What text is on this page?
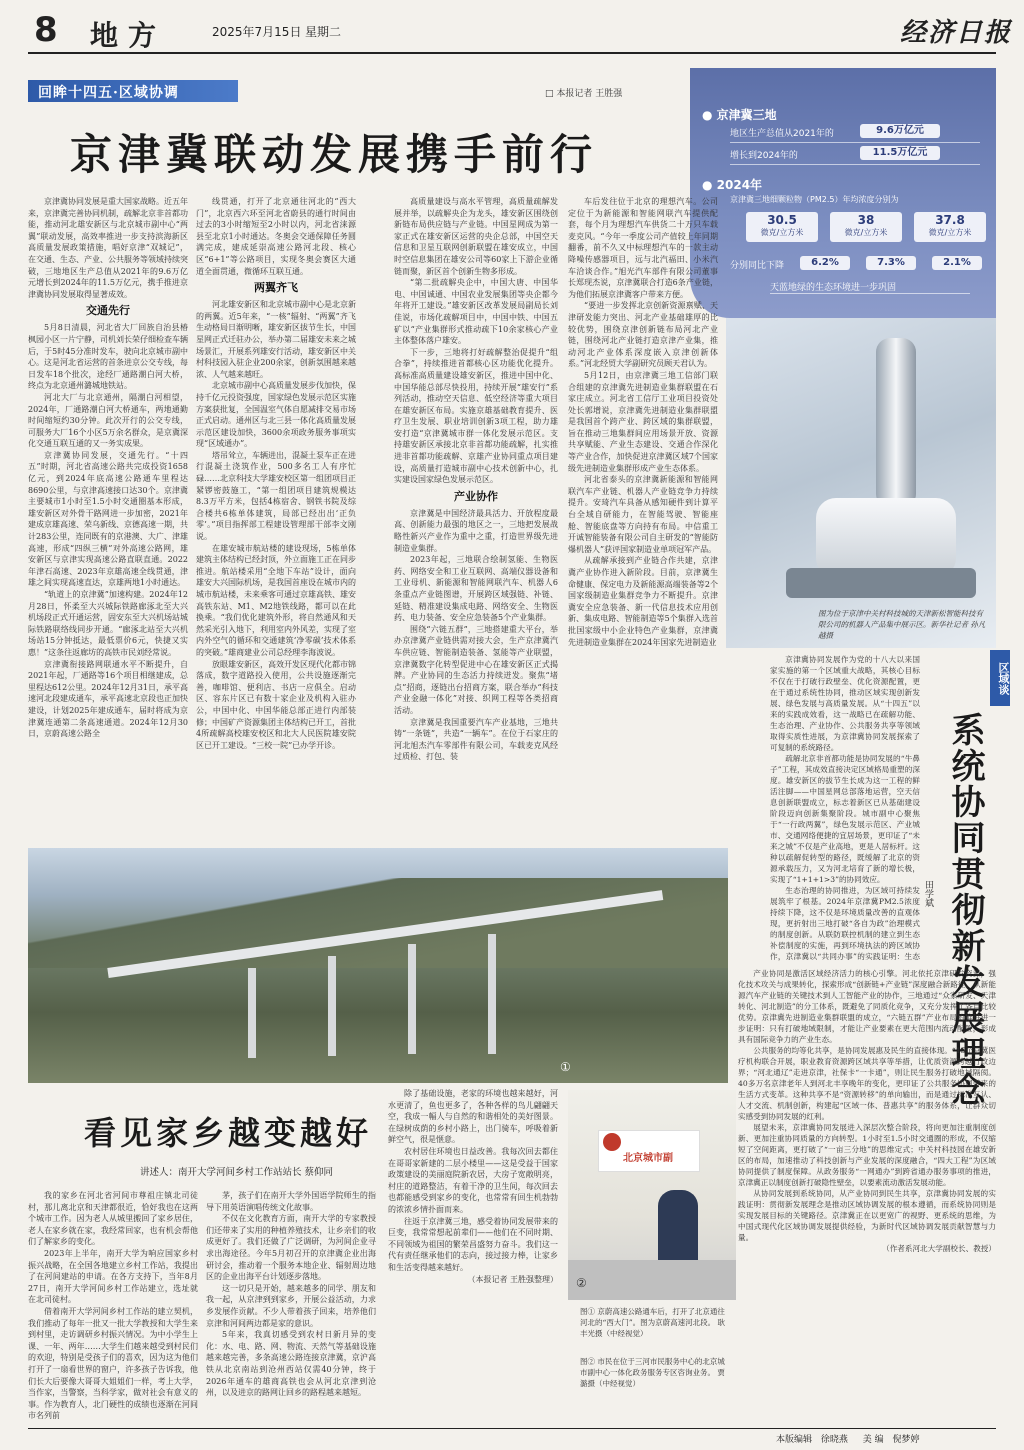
8 地方	2025年7月15日 星期二	经济日报
回眸十四五·区域协调	□ 本报记者 王胜强
京津冀联动发展携手前行
● 京津冀三地
地区生产总值从2021年的	9.6万亿元
增长到2024年的	11.5万亿元
● 2024年
京津冀三地细颗粒物（PM2.5）年均浓度分别为
30.5
微克/立方米
38
微克/立方米
37.8
微克/立方米
分别同比下降	6.2%	7.3%	2.1%
天蓝地绿的生态环境进一步巩固

京津冀协同发展是重大国家战略。近五年来，京津冀完善协同机制，疏解北京非首都功能，推动河北雄安新区与北京城市副中心“两翼”联动发展，高效率推进一步支持滨海新区高质量发展政策措施，唱好京津“双城记”，在交通、生态、产业、公共服务等领域持续突破，三地地区生产总值从2021年的9.6万亿元增长到2024年的11.5万亿元，携手推进京津冀协同发展取得显著成效。

交通先行

5月8日清晨，河北省大厂回族自治县椿枫园小区一片宁静，司机刘长荣仔细检查车辆后，于5时45分准时发车，驶向北京城市副中心。这是河北省运营的首条进京公交专线，每日发车18个批次，途经厂通路潮白河大桥，终点为北京通州潞城地铁站。

河北大厂与北京通州，隔潮白河相望，2024年，厂通路潮白河大桥通车，两地通勤时间缩短约30分钟。此次开行的公交专线，可服务大厂16个小区5万余名群众，是京冀深化交通互联互通的又一务实成果。

京津冀协同发展，交通先行。“十四五”时期，河北省高速公路共完成投资1658亿元，到2024年底高速公路通车里程达8690公里，与京津高速接口达30个。京津冀主要城市1小时至1.5小时交通圈基本形成，雄安新区对外骨干路网进一步加密，2021年建成京雄高速、荣乌新线、京德高速一期，共计283公里，连同既有的京港澳、大广、津雄高速，形成“四纵三横”对外高速公路网，雄安新区与京津实现高速公路直联直通。2022年津石高速、2023年京雄高速全线贯通，津雄之间实现高速直达，京雄两地1小时通达。

“轨道上的京津冀”加速构建。2024年12月28日，怀柔至大兴城际铁路廊涿北至大兴机场段正式开通运营，固安东至大兴机场站城际铁路联络线同步开通。“廊涿北站至大兴机场站15分钟抵达，最低票价6元，快捷又实惠！”这条往返廊坊的高铁市民刘经常说。

京津冀衔接路网联通水平不断提升，自2021年起，厂通路等16个项目相继建成，总里程达612公里。2024年12月31日，承平高速河北段建成通车，承平高速北京段也正加快建设，计划2025年建成通车，届时将成为京津冀连通第二条高速通道。2024年12月30日，京蔚高速公路全

线贯通，打开了北京通往河北的“西大门”，北京西六环至河北省蔚县的通行时间由过去的3小时缩短至2小时以内，河北省涞源县至北京1小时通达。冬奥会交通保障任务圆满完成，建成延崇高速公路河北段、核心区“6+1”等公路项目，实现冬奥会赛区大通道全面贯通，微循环互联互通。

两翼齐飞

河北雄安新区和北京城市副中心是北京新的两翼。近5年来，“一核”辐射、“两翼”齐飞生动格局日渐明晰，雄安新区拔节生长，中国星网正式迁驻办公，举办第二届雄安未来之城场景汇，开展系列雄安行活动，雄安新区中关村科技园入驻企业200余家，创新氛围越来越浓、人气越来越旺。

北京城市副中心高质量发展步伐加快，保持千亿元投资强度，国家绿色发展示范区实施方案获批复，全国温室气体自愿减排交易市场正式启动。通州区与北三县一体化高质量发展示范区建设加快，3600余项政务服务事项实现“区域通办”。

塔吊耸立，车辆进出，混凝土泵车正在进行混凝土浇筑作业，500多名工人有序忙碌……北京科技大学雄安校区第一组团项目正紧锣密鼓施工，“第一组团项目建筑规模达8.3万平方米，包括4栋宿舍、钢铁书院及综合楼共6栋单体建筑，局部已经出出‘正负零’。”项目指挥部工程建设管理部干部李文刚说。

在雄安城市航站楼的建设现场，5栋单体建筑主体结构已经封顶，外立面施工正在同步推进。航站楼采用“全地下车站”设计，面向雄安大兴国际机场，是我国首座设在城市内的城市航站楼，未来乘客可通过京雄高铁、雄安高铁东站、M1、M2地铁线路，都可以在此换乘。“我们优化建筑外形，将自然通风和天然采光引入地下，利用室内外风差，实现了室内外空气的循环和交通建筑‘净零碳’技术体系的突破。”雄商建业公司总经理李海波说。

放眼雄安新区，高效开发区现代化都市锦落成，数字道路投入使用，公共设施逐渐完善，咖啡馆、便利店、书店一应俱全。启动区、容东片区已有数十家企业及机构入驻办公，中国中化、中国华能总部正进行内部装修；中国矿产资源集团主体结构已开工，首批4所疏解高校雄安校区和北大人民医院雄安院区已开工建设。“三校一院”已办学开诊。

高质量建设与高水平管理，高质量疏解发展并举，以疏解央企为龙头，雄安新区围绕创新链布局供应链与产业链。中国星网成为第一家正式在雄安新区运营的央企总部，中国空天信息和卫星互联网创新联盟在雄安成立，中国时空信息集团在雄安公司等60家上下游企业循链而聚，新区首个创新生物多形成。

“第二批疏解央企中，中国大唐、中国华电、中国诚通、中国农业发展集团等央企都今年将开工建设。”雄安新区改革发展局副局长刘佳说，市场化疏解项目中，中国中铁、中国五矿以“产业集群形式推动疏下10余家核心产业主体整体落户雄安。

下一步，三地将打好疏解整治促提升“组合拳”，持续推进首都核心区功能优化提升。高标准高质量建设雄安新区，推进中国中化、中国华能总部尽快投用，持续开展“雄安行”系列活动，推动空天信息、低空经济等重大项目在雄安新区布局。实施京雄基础教育提升、医疗卫生发展、职业培训创新3项工程，助力雄安打造“京津冀城市群一体化发展示范区。支持雄安新区承接北京非首都功能疏解，扎实推进非首都功能疏解、京雄产业协同重点项目建设，高质量打造城市副中心技术创新中心，扎实建设国家绿色发展示范区。

产业协作

京津冀是中国经济最具活力、开放程度最高、创新能力最强的地区之一，三地把发展战略性新兴产业作为重中之重，打造世界级先进制造业集群。

2023年起，三地联合绘制氢能、生物医药、网络安全和工业互联网、高端仪器设备和工业母机、新能源和智能网联汽车、机器人6条重点产业链图谱，开展跨区域强链、补链、延链、精准建设集成电路、网络安全、生物医药、电力装备、安全应急装备5个产业集群。

围绕“六链五群”，三地搭建重大平台，举办京津冀产业链供需对接大会，生产京津冀汽车供应链、智能制造装备、氢能等产业联盟，京津冀数字化转型促进中心在雄安新区正式揭牌。产业协同的生态活力持续迸发。聚焦“堵点”招商，逐链出台招商方案，联合举办“科技产业金融一体化”对接、织网工程等各类招商活动。

京津冀是我国重要汽车产业基地，三地共铸“一条链”，共造“一辆车”。在位于石家庄的河北旭杰汽车零部件有限公司，车载麦克风经过质检、打包、装

车后发往位于北京的理想汽车。公司定位于为新能源和智能网联汽车提供配套，每个月为理想汽车供货二十万只车载麦克风。“今年一季度公司产值较上年同期翻番，前不久又中标理想汽车的一款主动降噪传感器项目，远与北汽福田、小米汽车洽谈合作。”旭光汽车部件有限公司董事长郑现杰说，京津冀联合打造6条产业链，为他们拓展京津冀客户带来方便。

“要进一步发挥北京创新资源禀赋、天津研发能力突出、河北产业基础雄厚的比较优势，围绕京津创新链布局河北产业链，围绕河北产业链打造京津产业集，推动河北产业体系深度嵌入京津创新体系。”河北经贸大学副研究员顾天君认为。

5月12日，由京津冀三地工信部门联合组建的京津冀先进制造业集群联盟在石家庄成立。河北省工信厅工业项目投资处处长郭增说，京津冀先进制造业集群联盟是我国首个跨产业、跨区域的集群联盟，旨在推动三地集群间应用场景开放、资源共享赋能、产业生态建设、交通合作深化等产业合作，加快促进京津冀区域7个国家级先进制造业集群形成产业生态体系。

河北省泰头的京津冀新能源和智能网联汽车产业链、机器人产业链竞争力持续提升。安琦汽车具备从感知硬件到计算平台全域自研能力，在智能驾驶、智能座舱、智能底盘等方向持有布局。中信重工开诚智能装备有限公司自主研发的“智能防爆机器人”获评国家制造业单项冠军产品。

从疏解承接到产业链合作共建，京津冀产业协作进入新阶段。目前，京津冀生命健康、保定电力及新能源高端装备等2个国家级制造业集群竞争力不断提升。京津冀安全应急装备、新一代信息技术应用创新、集成电路、智能制造等5个集群入选首批国家级中小企业特色产业集群，京津冀先进制造业集群在2024年国家先进制造业

图为位于京津中关村科技城的天津新松智能科技有限公司的机器人产品集中展示区。新华社记者 孙凡越摄
区域谈
系统协同贯彻新发展理念
田学斌

京津冀协同发展作为党的十八大以来国家实施的第一个区域重大战略，其核心目标不仅在于打破行政壁垒、优化资源配置，更在于通过系统性协同，推动区域实现创新发展、绿色发展与高质量发展。从“十四五”以来的实践成效看，这一战略已在疏解功能、生态治理、产业协作、公共服务共享等领域取得实质性进展，为京津冀协同发展探索了可复制的系统路径。

疏解北京非首都功能是协同发展的“牛鼻子”工程，其成效直接决定区域格局重塑的深度。雄安新区的拔节生长成为这一工程的鲜活注脚——中国星网总部落地运营，空天信息创新联盟成立，标志着新区已从基础建设阶段迈向创新集聚阶段。城市副中心聚焦于“一行政两翼”，绿色发展示范区、产业城市、交通网络便捷的宜居场景，更印证了“未来之城”不仅是产业高地，更是人居标杆。这种以疏解促转型的路径，既缓解了北京的资源承载压力，又为河北培育了新的增长极，实现了“1+1+1>3”的协同效应。

生态治理的协同推进，为区域可持续发展筑牢了根基。2024年京津冀PM2.5浓度持续下降，这不仅是环境质量改善的直观体现，更折射出三地打破“各自为政”治理模式的制度创新。从联防联控机制的建立到生态补偿制度的实施，再到环境执法的跨区域协作，京津冀以“共同办事”的实践证明：生态

产业协同是激活区域经济活力的核心引擎。河北依托京津研发资源，强化技术攻关与成果转化，探索形成“创新链+产业链”深度融合新路径。从新能源汽车产业链的关键技术到人工智能产业的协作，三地通过“众家研发、天津转化、河北制造”的分工体系，既避免了同质化竞争，又充分发挥了各自比较优势。京津冀先进制造业集群联盟的成立，“六链五群”产业布局的推进进一步证明：只有打破地域限制，才能让产业要素在更大范围内流动配置，形成具有国际竞争力的产业生态。

公共服务的均等化共享，是协同发展惠及民生的直接体现。“15个京冀医疗机构联合开展，职业教育资源跨区域共享等举措，让优质资源跨越行政边界；“河北通辽”走进京津，社保卡“一卡通”，则让民生服务打破地域隔阂。40多万名京津老年人到河北丰享晚年的变化，更印证了公共服务协同带来的生活方式变革。这种共享不是“资源转移”的单向输出，而是通过标准互认、人才交流、机制创新，构建起“区域一体、普惠共享”的服务体系，让群众切实感受到协同发展的红利。

展望未来，京津冀协同发展进入深层次整合阶段，将向更加注重制度创新、更加注重协同质量的方向转型。1小时至1.5小时交通圈的形成，不仅缩短了空间距离，更打破了“一亩三分地”的思维定式；中关村科技园在雄安新区的布局，加速推动了科技创新与产业发展的深度融合，“四大工程”为区域协同提供了制度保障。从政务服务“一网通办”到跨省通办服务事项的推进，京津冀正以制度创新打破隐性壁垒，以要素流动激活发展动能。

从协同发展到系统协同，从产业协同到民生共享，京津冀协同发展的实践证明：贯彻新发展理念是推动区域协调发展的根本遵循，而系统协同则是实现发展目标的关键路径。京津冀正在以更宽广的视野、更系统的思维，为中国式现代化区域协调发展提供经验，为新时代区域协调发展贡献智慧与力量。

（作者系河北大学副校长、教授）

①
北京城市副
②
图① 京蔚高速公路通车后，打开了北京通往河北的“西大门”。图为京蔚高速河北段。 耿丰光摄（中经视觉）
图② 市民在位于三河市民服务中心的北京城市副中心一体化政务服务专区咨询业务。 贾 潞摄（中经视觉）
看见家乡越变越好
讲述人：南开大学河间乡村工作站站长 蔡仰同

我的家乡在河北省河间市尊祖庄镇北司徒村，那儿离北京和天津都很近，恰好我也在这两个城市工作。因为老人从城里搬回了家乡居住，老人在家乡就在家，我经常回家，也有机会帮他们了解家乡的变化。

2023年上半年，南开大学为响应国家乡村振兴战略，在全国各地建立乡村工作站，我提出了在河间建站的申请。在各方支持下，当年8月27日，南开大学河间乡村工作站建立，选址就在北司徒村。

借着南开大学河间乡村工作站的建立契机，我们推动了每年一批又一批大学教授和大学生来到村里，走访调研乡村振兴情况。为中小学生上课、一年、两年……大学生们越来越受到村民们的欢迎，特别是受孩子们的喜欢，因为这为他们打开了一扇看世界的窗户，许多孩子告诉我，他们长大后要像大哥哥大姐姐们一样，考上大学，当作家，当警察，当科学家，做对社会有意义的事。作为教育人，北门硬性的成绩也逐渐在河间市名列前

茅，孩子们在南开大学外国语学院师生的指导下用英语演唱传统文化故事。

不仅在文化教育方面，南开大学的专家教授们还带来了实用的种植养殖技术，让乡亲们的收成更好了。我们还做了广泛调研，为河间企业寻求出海途径。今年5月初召开的京津冀企业出海研讨会，推动着一个服务本地企业、辐射周边地区的企业出海平台计划逐步落地。

这一切只是开始，越来越多的同学、朋友和我一起，从京津到到家乡，开展公益活动，力求乡发展作贡献。不少人带着孩子回来，培养他们京津和河间两边都是家的意识。

5年来，我真切感受到农村日新月异的变化：水、电、路、网、物流、天然气等基础设施越来越完善，多条高速公路连接京津冀，京沪高铁从北京南站到沧州西站仅需40分钟，终于2026年通车的雄商高铁也会从河北京津到沧州，以及进京的路网让回乡的路程越来越短。

除了基础设施，老家的环境也越来越好，河水更清了，鱼也更多了，各种各样的鸟儿翩翩天空，我成一幅人与自然的和谐相处的美好图景。在绿树成荫的乡村小路上，出门骑车，呼吸着新鲜空气，很是惬意。

农村居住环境也日益改善。我每次回去都住在哥哥家新建的二层小楼里——这是受益于国家政策建设的美丽庭院新农居，大房子宽敞明亮，村庄的道路整洁，有着干净的卫生间，每次回去也都能感受到家乡的变化，也常常有回生机勃勃的浓浓乡情扑面而来。

往返于京津冀三地，感受着协同发展带来的巨变，我常常想起前辈们——他们在不同时期、不同领域为祖国的繁荣昌盛努力奋斗。我们这一代有责任继承他们的志向，接过接力棒，让家乡和生活变得越来越好。

（本报记者 王胜强整理）

本版编辑 徐晓燕 美 编 倪梦婷
